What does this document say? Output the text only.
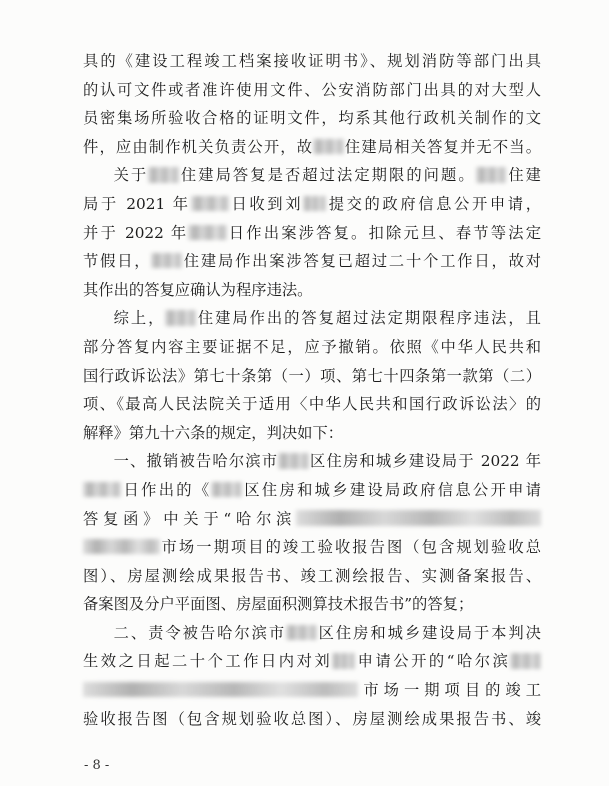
具的《建设工程竣工档案接收证明书》、规划消防等部门出具
的认可文件或者准许使用文件、公安消防部门出具的对大型人
员密集场所验收合格的证明文件，均系其他行政机关制作的文
件，应由制作机关负责公开，故 住建局相关答复并无不当。
关于 住建局答复是否超过法定期限的问题。 住建
局于 2021 年	日收到刘 提交的政府信息公开申请，
并于 2022 年	日作出案涉答复。扣除元旦、春节等法定
节假日， 住建局作出案涉答复已超过二十个工作日，故对
其作出的答复应确认为程序违法。
综上， 住建局作出的答复超过法定期限程序违法，且
部分答复内容主要证据不足，应予撤销。依照《中华人民共和
国行政诉讼法》第七十条第（一）项、第七十四条第一款第（二）
项、《最高人民法院关于适用〈中华人民共和国行政诉讼法〉的
解释》第九十六条的规定，判决如下：
一、撤销被告哈尔滨市 区住房和城乡建设局于 2022 年
日作出的《 区住房和城乡建设局政府信息公开申请
答复函》中关于“哈尔滨
市场一期项目的竣工验收报告图（包含规划验收总
图）、房屋测绘成果报告书、竣工测绘报告、实测备案报告、
备案图及分户平面图、房屋面积测算技术报告书”的答复；
二、责令被告哈尔滨市 区住房和城乡建设局于本判决
生效之日起二十个工作日内对刘 申请公开的“哈尔滨
市场一期项目的竣工
验收报告图（包含规划验收总图）、房屋测绘成果报告书、竣
- 8 -
